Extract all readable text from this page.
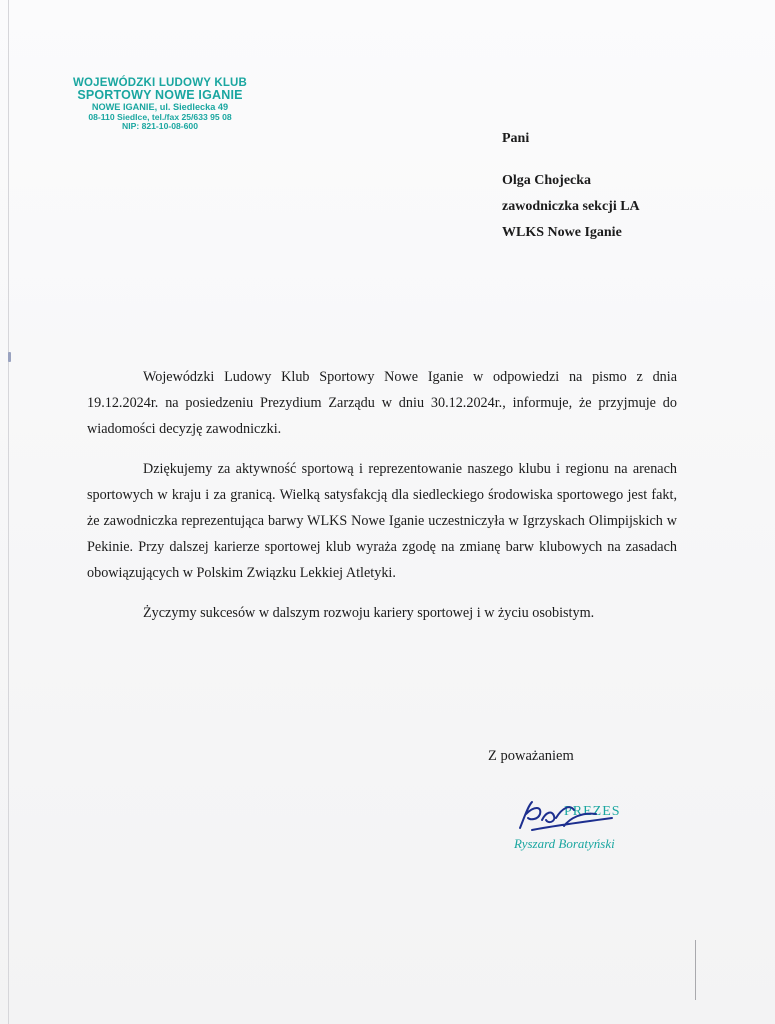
WOJEWÓDZKI LUDOWY KLUB
SPORTOWY NOWE IGANIE
NOWE IGANIE, ul. Siedlecka 49
08-110 Siedlce, tel./fax 25/633 95 08
NIP: 821-10-08-600
Pani
Olga Chojecka
zawodniczka sekcji LA
WLKS Nowe Iganie

Wojewódzki Ludowy Klub Sportowy Nowe Iganie w odpowiedzi na pismo z dnia 19.12.2024r. na posiedzeniu Prezydium Zarządu w dniu 30.12.2024r., informuje, że przyjmuje do wiadomości decyzję zawodniczki.

Dziękujemy za aktywność sportową i reprezentowanie naszego klubu i regionu na arenach sportowych w kraju i za granicą. Wielką satysfakcją dla siedleckiego środowiska sportowego jest fakt, że zawodniczka reprezentująca barwy WLKS Nowe Iganie uczestniczyła w Igrzyskach Olimpijskich w Pekinie. Przy dalszej karierze sportowej klub wyraża zgodę na zmianę barw klubowych na zasadach obowiązujących w Polskim Związku Lekkiej Atletyki.

Życzymy sukcesów w dalszym rozwoju kariery sportowej i w życiu osobistym.

Z poważaniem
PREZES
Ryszard Boratyński
